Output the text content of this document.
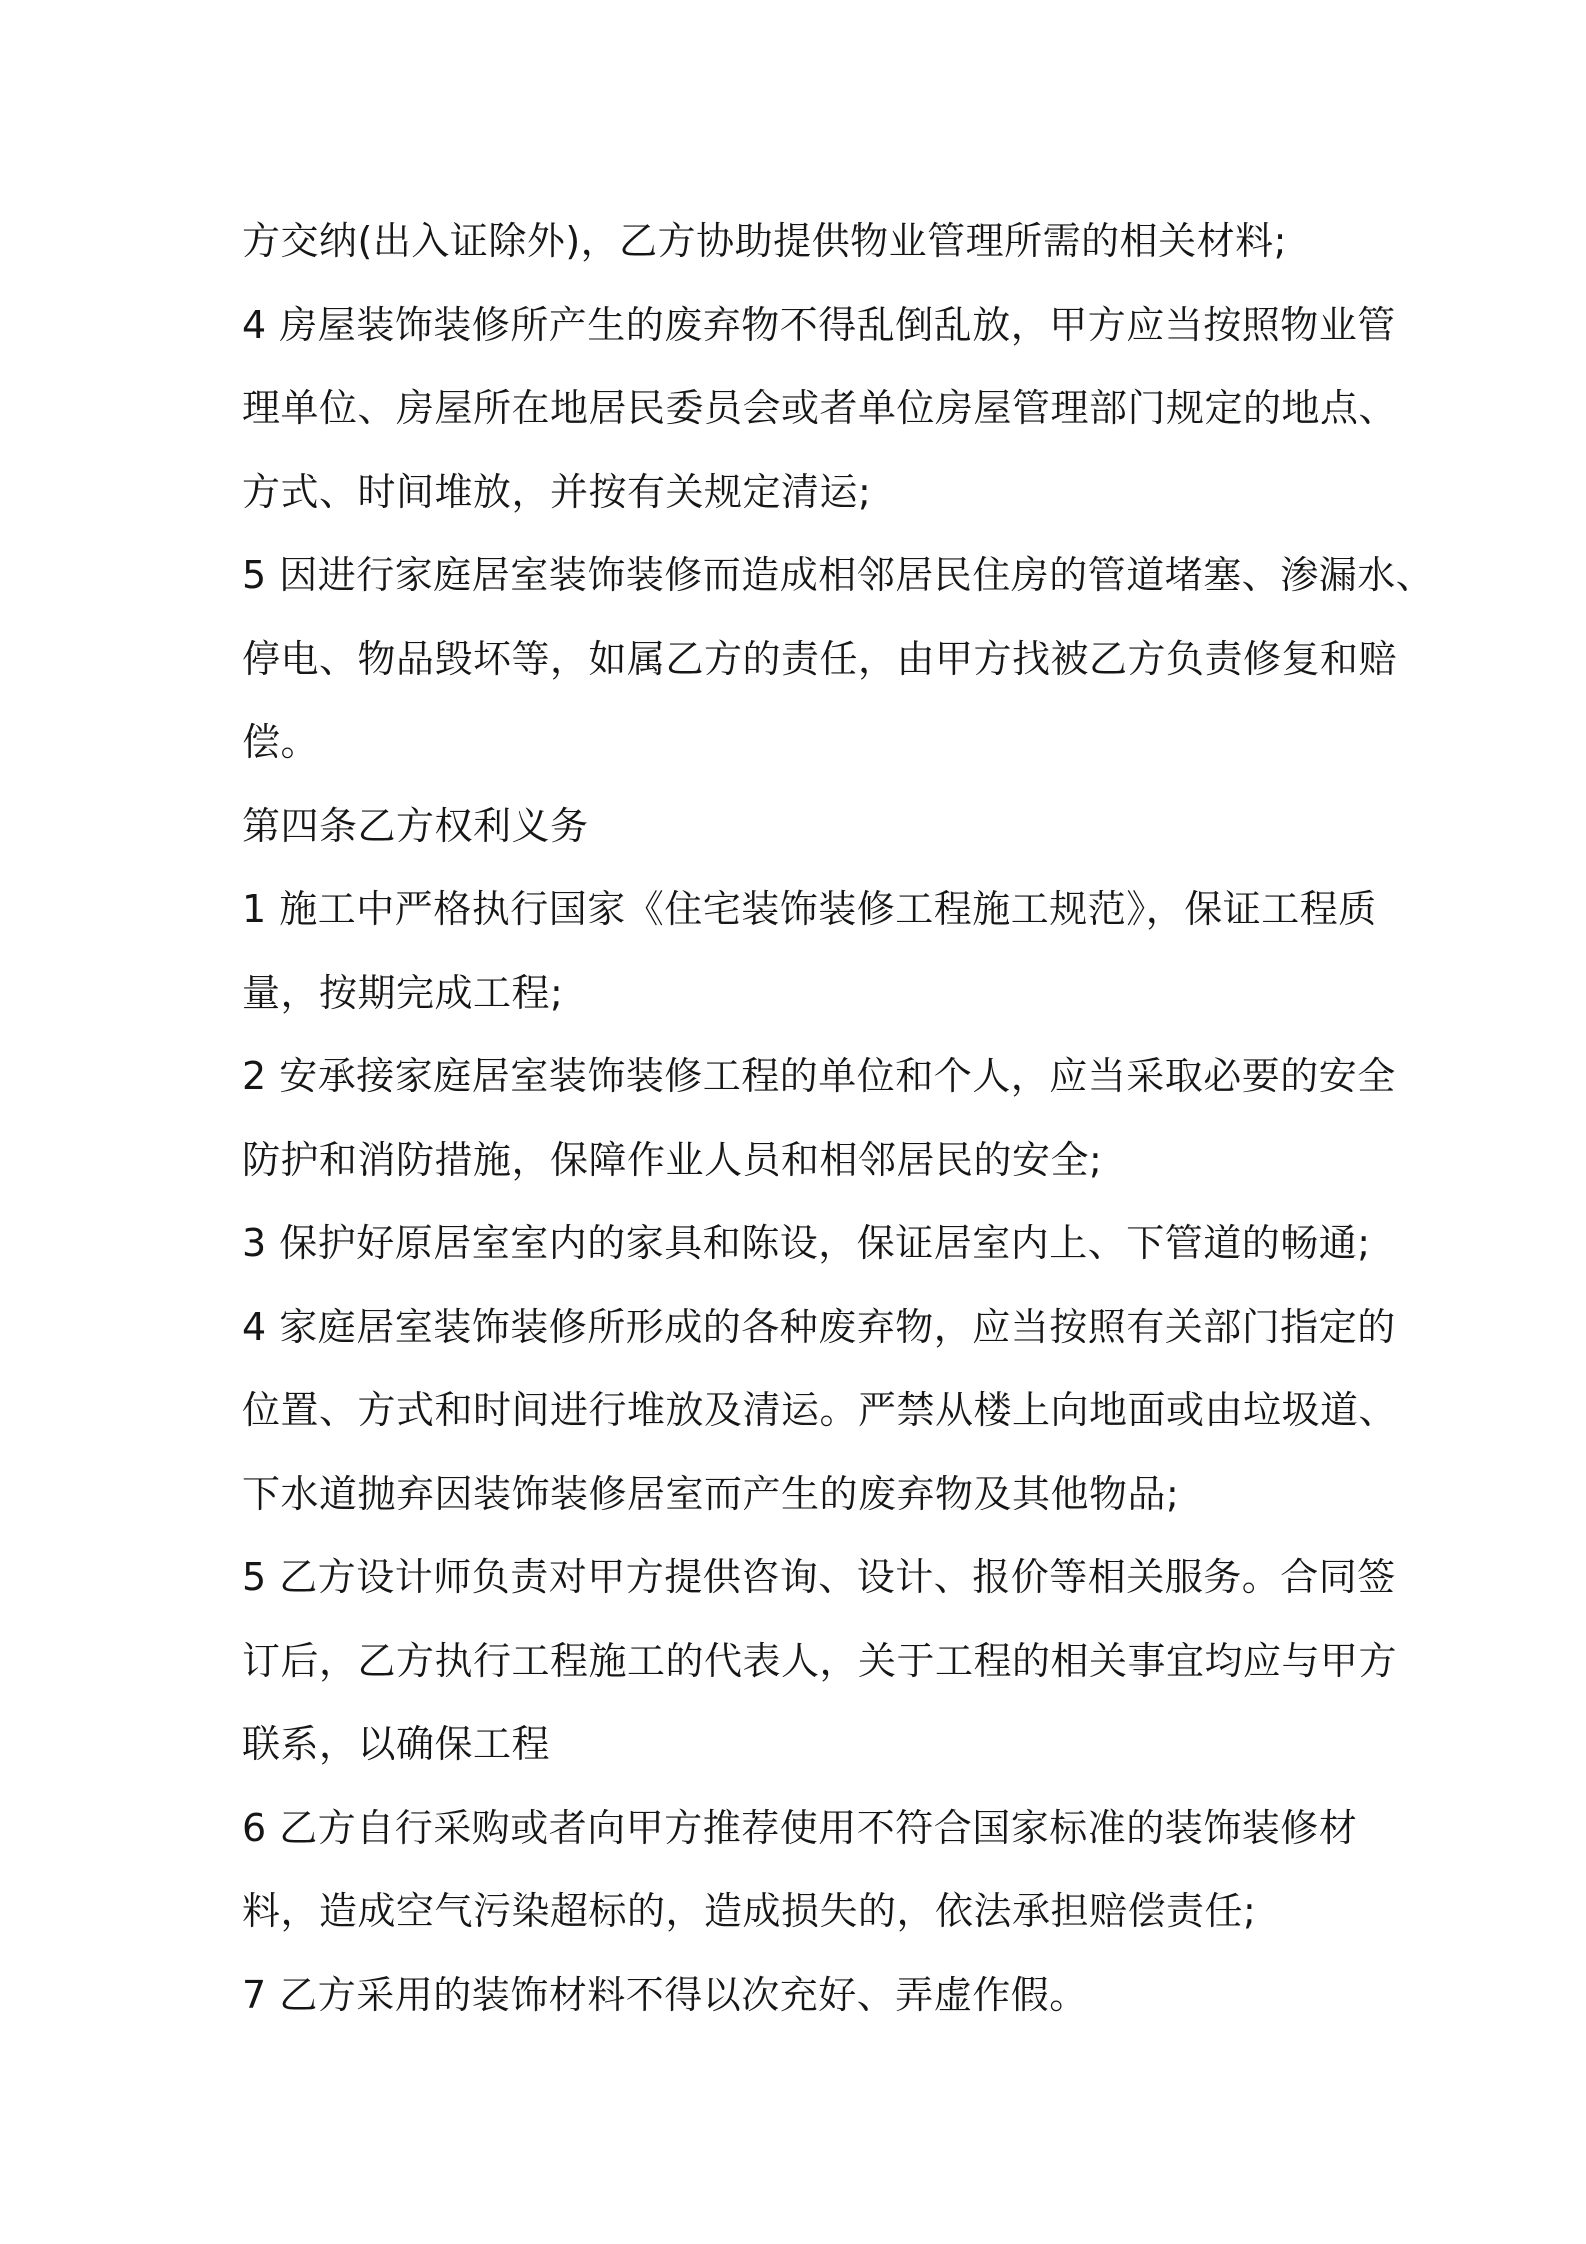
方交纳(出入证除外)，乙方协助提供物业管理所需的相关材料;
4 房屋装饰装修所产生的废弃物不得乱倒乱放，甲方应当按照物业管
理单位、房屋所在地居民委员会或者单位房屋管理部门规定的地点、
方式、时间堆放，并按有关规定清运;
5 因进行家庭居室装饰装修而造成相邻居民住房的管道堵塞、渗漏水、
停电、物品毁坏等，如属乙方的责任，由甲方找被乙方负责修复和赔
偿。
第四条乙方权利义务
1 施工中严格执行国家《住宅装饰装修工程施工规范》，保证工程质
量，按期完成工程;
2 安承接家庭居室装饰装修工程的单位和个人，应当采取必要的安全
防护和消防措施，保障作业人员和相邻居民的安全;
3 保护好原居室室内的家具和陈设，保证居室内上、下管道的畅通;
4 家庭居室装饰装修所形成的各种废弃物，应当按照有关部门指定的
位置、方式和时间进行堆放及清运。严禁从楼上向地面或由垃圾道、
下水道抛弃因装饰装修居室而产生的废弃物及其他物品;
5 乙方设计师负责对甲方提供咨询、设计、报价等相关服务。合同签
订后，乙方执行工程施工的代表人，关于工程的相关事宜均应与甲方
联系，以确保工程
6 乙方自行采购或者向甲方推荐使用不符合国家标准的装饰装修材
料，造成空气污染超标的，造成损失的，依法承担赔偿责任;
7 乙方采用的装饰材料不得以次充好、弄虚作假。
